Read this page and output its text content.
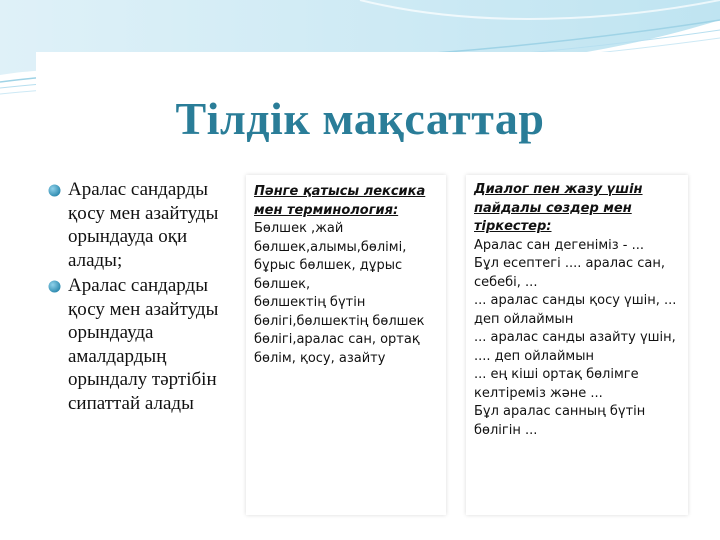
Тілдік мақсаттар
Аралас сандарды қосу мен азайтуды орындауда оқи алады;
Аралас сандарды қосу мен азайтуды орындауда амалдардың орындалу тәртібін сипаттай алады
Пәнге қатысы лексика мен терминология:
Бөлшек ,жай бөлшек,алымы,бөлімі, бұрыс бөлшек, дұрыс бөлшек,
бөлшектің бүтін бөлігі,бөлшектің бөлшек бөлігі,аралас сан, ортақ бөлім, қосу, азайту
Диалог пен жазу үшін пайдалы сөздер мен тіркестер:
Аралас сан дегеніміз - ...
Бұл есептегі .... аралас сан, себебі, ...
... аралас санды қосу үшін, ... деп ойлаймын
... аралас санды азайту үшін, .... деп ойлаймын
... ең кіші ортақ бөлімге келтіреміз және ...
Бұл аралас санның бүтін бөлігін ...
